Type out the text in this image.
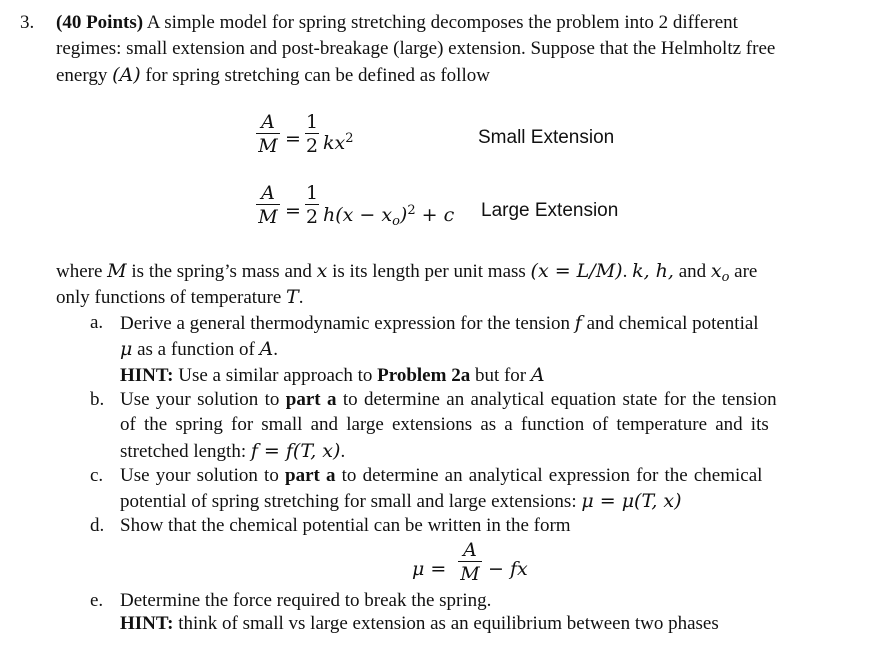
3. (40 Points) A simple model for spring stretching decomposes the problem into 2 different
regimes: small extension and post-breakage (large) extension. Suppose that the Helmholtz free
energy (A) for spring stretching can be defined as follow
A
M =
1
2 $kx^2$	Small Extension
A
M =
1
2 $h(x - x_o)^2 + c$ Large Extension
where M is the spring’s mass and x is its length per unit mass (x = L/M). k, h, and $x_o$ are
only functions of temperature T.
a. Derive a general thermodynamic expression for the tension f and chemical potential
μ as a function of A.
HINT: Use a similar approach to Problem 2a but for A
b. Use your solution to part a to determine an analytical equation state for the tension
of the spring for small and large extensions as a function of temperature and its
stretched length: f = f(T, x).
c. Use your solution to part a to determine an analytical expression for the chemical
potential of spring stretching for small and large extensions: μ = μ(T, x)
d. Show that the chemical potential can be written in the form
μ =
A
M − fx
e. Determine the force required to break the spring.
HINT: think of small vs large extension as an equilibrium between two phases
